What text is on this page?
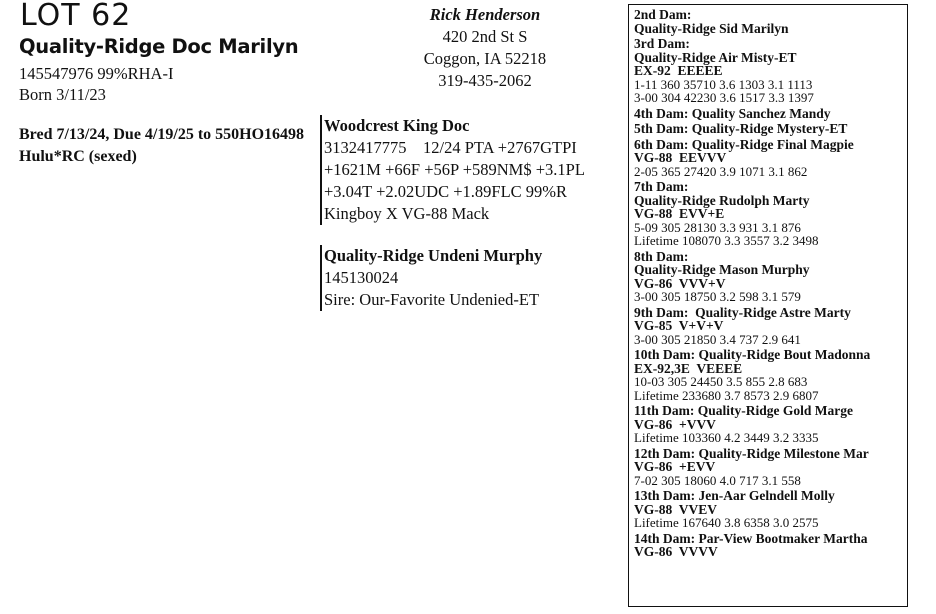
LOT 62
Quality-Ridge Doc Marilyn
145547976 99%RHA-I
Born 3/11/23
Bred 7/13/24, Due 4/19/25 to 550HO16498 Hulu*RC (sexed)
Rick Henderson
420 2nd St S
Coggon, IA 52218
319-435-2062
Woodcrest King Doc
3132417775    12/24 PTA +2767GTPI
+1621M +66F +56P +589NM$ +3.1PL
+3.04T +2.02UDC +1.89FLC 99%R
Kingboy X VG-88 Mack
Quality-Ridge Undeni Murphy
145130024
Sire: Our-Favorite Undenied-ET
2nd Dam:
Quality-Ridge Sid Marilyn
3rd Dam:
Quality-Ridge Air Misty-ET
EX-92  EEEEE
1-11 360 35710 3.6 1303 3.1 1113
3-00 304 42230 3.6 1517 3.3 1397
4th Dam: Quality Sanchez Mandy
5th Dam: Quality-Ridge Mystery-ET
6th Dam: Quality-Ridge Final Magpie
VG-88  EEVVV
2-05 365 27420 3.9 1071 3.1 862
7th Dam:
Quality-Ridge Rudolph Marty
VG-88  EVV+E
5-09 305 28130 3.3 931 3.1 876
Lifetime 108070 3.3 3557 3.2 3498
8th Dam:
Quality-Ridge Mason Murphy
VG-86  VVV+V
3-00 305 18750 3.2 598 3.1 579
9th Dam:  Quality-Ridge Astre Marty
VG-85  V+V+V
3-00 305 21850 3.4 737 2.9 641
10th Dam: Quality-Ridge Bout Madonna
EX-92,3E  VEEEE
10-03 305 24450 3.5 855 2.8 683
Lifetime 233680 3.7 8573 2.9 6807
11th Dam: Quality-Ridge Gold Marge
VG-86  +VVV
Lifetime 103360 4.2 3449 3.2 3335
12th Dam: Quality-Ridge Milestone Mar
VG-86  +EVV
7-02 305 18060 4.0 717 3.1 558
13th Dam: Jen-Aar Gelndell Molly
VG-88  VVEV
Lifetime 167640 3.8 6358 3.0 2575
14th Dam: Par-View Bootmaker Martha
VG-86  VVVV
